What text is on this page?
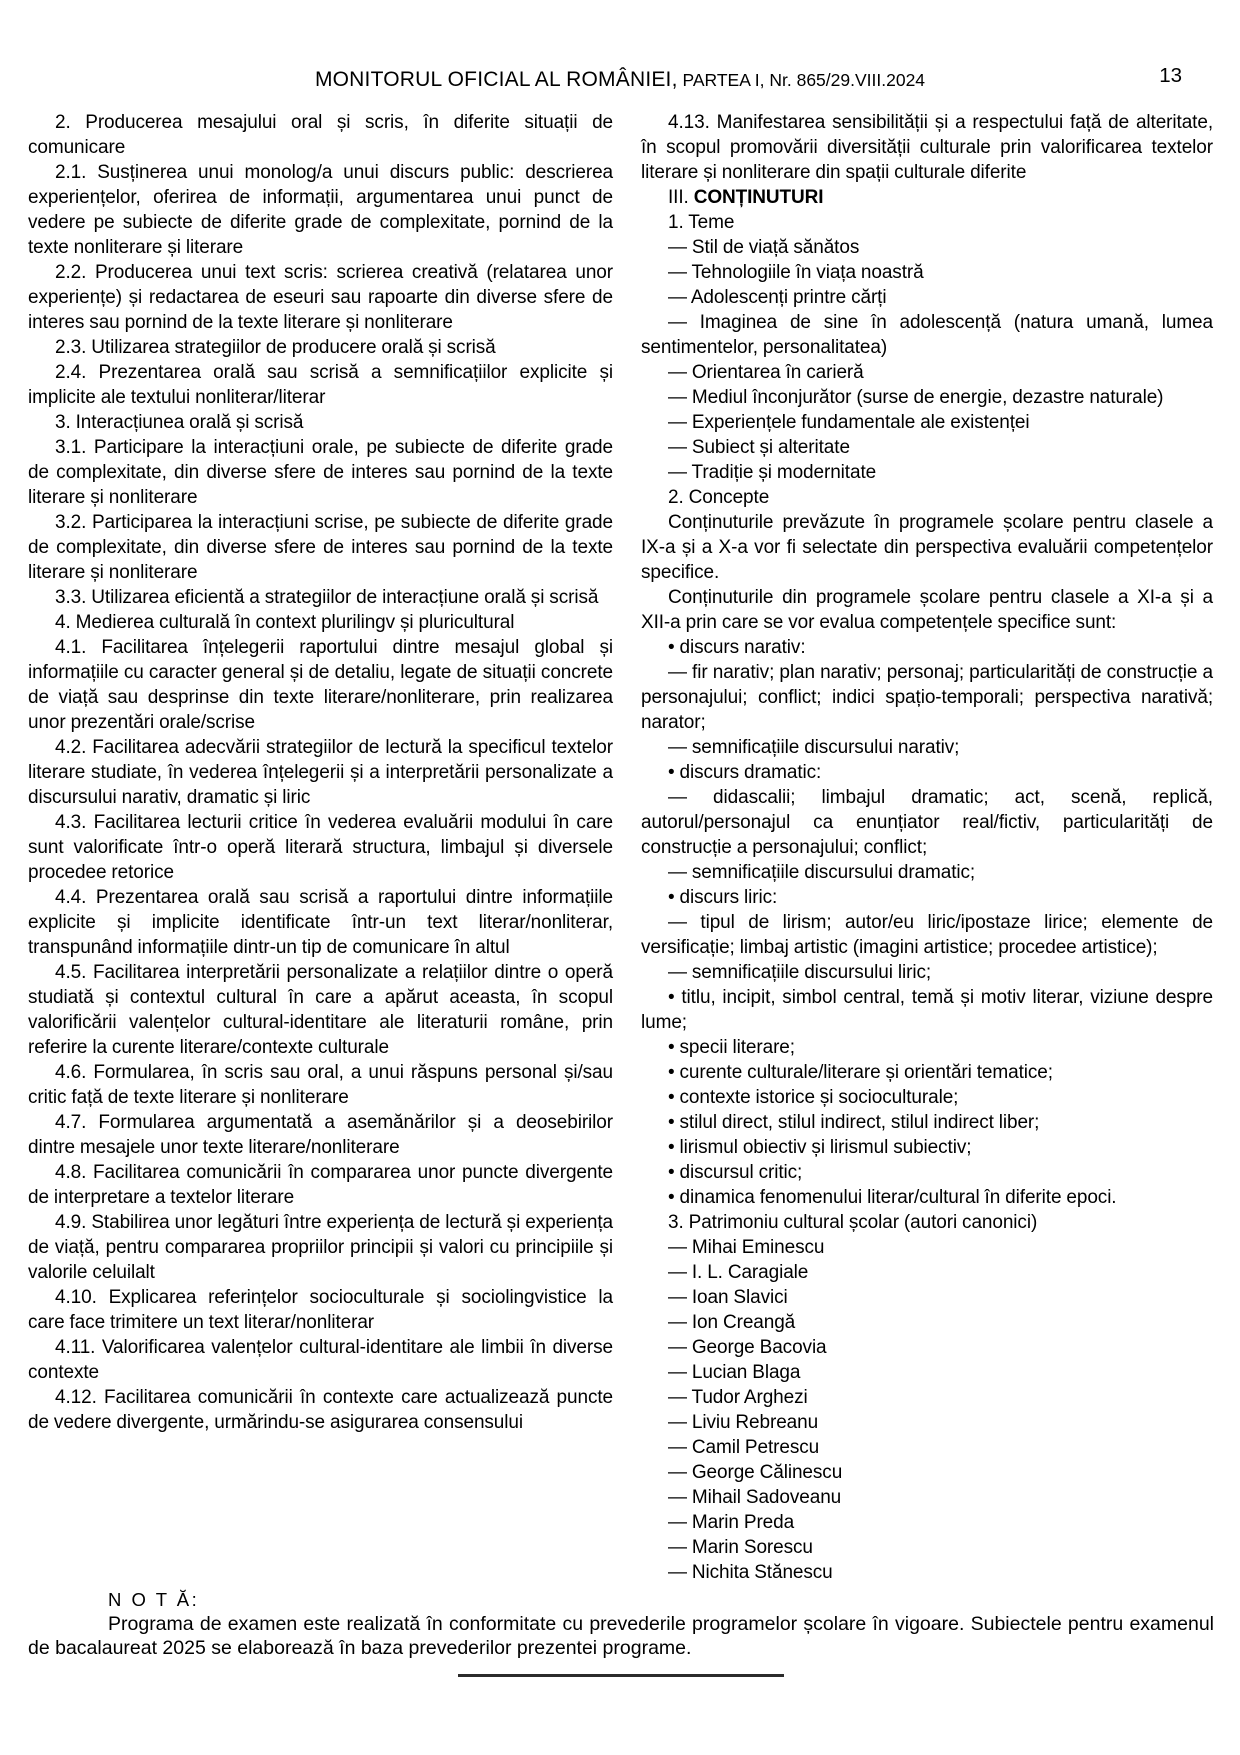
MONITORUL OFICIAL AL ROMÂNIEI, PARTEA I, Nr. 865/29.VIII.2024	13

2. Producerea mesajului oral și scris, în diferite situații de comunicare

2.1. Susținerea unui monolog/a unui discurs public: descrierea experiențelor, oferirea de informații, argumentarea unui punct de vedere pe subiecte de diferite grade de complexitate, pornind de la texte nonliterare și literare

2.2. Producerea unui text scris: scrierea creativă (relatarea unor experiențe) și redactarea de eseuri sau rapoarte din diverse sfere de interes sau pornind de la texte literare și nonliterare

2.3. Utilizarea strategiilor de producere orală și scrisă

2.4. Prezentarea orală sau scrisă a semnificațiilor explicite și implicite ale textului nonliterar/literar

3. Interacțiunea orală și scrisă

3.1. Participare la interacțiuni orale, pe subiecte de diferite grade de complexitate, din diverse sfere de interes sau pornind de la texte literare și nonliterare

3.2. Participarea la interacțiuni scrise, pe subiecte de diferite grade de complexitate, din diverse sfere de interes sau pornind de la texte literare și nonliterare

3.3. Utilizarea eficientă a strategiilor de interacțiune orală și scrisă

4. Medierea culturală în context plurilingv și pluricultural

4.1. Facilitarea înțelegerii raportului dintre mesajul global și informațiile cu caracter general și de detaliu, legate de situații concrete de viață sau desprinse din texte literare/nonliterare, prin realizarea unor prezentări orale/scrise

4.2. Facilitarea adecvării strategiilor de lectură la specificul textelor literare studiate, în vederea înțelegerii și a interpretării personalizate a discursului narativ, dramatic și liric

4.3. Facilitarea lecturii critice în vederea evaluării modului în care sunt valorificate într-o operă literară structura, limbajul și diversele procedee retorice

4.4. Prezentarea orală sau scrisă a raportului dintre informațiile explicite și implicite identificate într-un text literar/nonliterar, transpunând informațiile dintr-un tip de comunicare în altul

4.5. Facilitarea interpretării personalizate a relațiilor dintre o operă studiată și contextul cultural în care a apărut aceasta, în scopul valorificării valențelor cultural-identitare ale literaturii române, prin referire la curente literare/contexte culturale

4.6. Formularea, în scris sau oral, a unui răspuns personal și/sau critic față de texte literare și nonliterare

4.7. Formularea argumentată a asemănărilor și a deosebirilor dintre mesajele unor texte literare/nonliterare

4.8. Facilitarea comunicării în compararea unor puncte divergente de interpretare a textelor literare

4.9. Stabilirea unor legături între experiența de lectură și experiența de viață, pentru compararea propriilor principii și valori cu principiile și valorile celuilalt

4.10. Explicarea referințelor socioculturale și sociolingvistice la care face trimitere un text literar/nonliterar

4.11. Valorificarea valențelor cultural-identitare ale limbii în diverse contexte

4.12. Facilitarea comunicării în contexte care actualizează puncte de vedere divergente, urmărindu-se asigurarea consensului

4.13. Manifestarea sensibilității și a respectului față de alteritate, în scopul promovării diversității culturale prin valorificarea textelor literare și nonliterare din spații culturale diferite

III. CONȚINUTURI

1. Teme

— Stil de viață sănătos

— Tehnologiile în viața noastră

— Adolescenți printre cărți

— Imaginea de sine în adolescență (natura umană, lumea sentimentelor, personalitatea)

— Orientarea în carieră

— Mediul înconjurător (surse de energie, dezastre naturale)

— Experiențele fundamentale ale existenței

— Subiect și alteritate

— Tradiție și modernitate

2. Concepte

Conținuturile prevăzute în programele școlare pentru clasele a IX-a și a X-a vor fi selectate din perspectiva evaluării competențelor specifice.

Conținuturile din programele școlare pentru clasele a XI-a și a XII-a prin care se vor evalua competențele specifice sunt:

• discurs narativ:

— fir narativ; plan narativ; personaj; particularități de construcție a personajului; conflict; indici spațio-temporali; perspectiva narativă; narator;

— semnificațiile discursului narativ;

• discurs dramatic:

— didascalii; limbajul dramatic; act, scenă, replică, autorul/personajul ca enunțiator real/fictiv, particularități de construcție a personajului; conflict;

— semnificațiile discursului dramatic;

• discurs liric:

— tipul de lirism; autor/eu liric/ipostaze lirice; elemente de versificație; limbaj artistic (imagini artistice; procedee artistice);

— semnificațiile discursului liric;

• titlu, incipit, simbol central, temă și motiv literar, viziune despre lume;

• specii literare;

• curente culturale/literare și orientări tematice;

• contexte istorice și socioculturale;

• stilul direct, stilul indirect, stilul indirect liber;

• lirismul obiectiv și lirismul subiectiv;

• discursul critic;

• dinamica fenomenului literar/cultural în diferite epoci.

3. Patrimoniu cultural școlar (autori canonici)

— Mihai Eminescu

— I. L. Caragiale

— Ioan Slavici

— Ion Creangă

— George Bacovia

— Lucian Blaga

— Tudor Arghezi

— Liviu Rebreanu

— Camil Petrescu

— George Călinescu

— Mihail Sadoveanu

— Marin Preda

— Marin Sorescu

— Nichita Stănescu

N O T Ă:

Programa de examen este realizată în conformitate cu prevederile programelor școlare în vigoare. Subiectele pentru examenul de bacalaureat 2025 se elaborează în baza prevederilor prezentei programe.
